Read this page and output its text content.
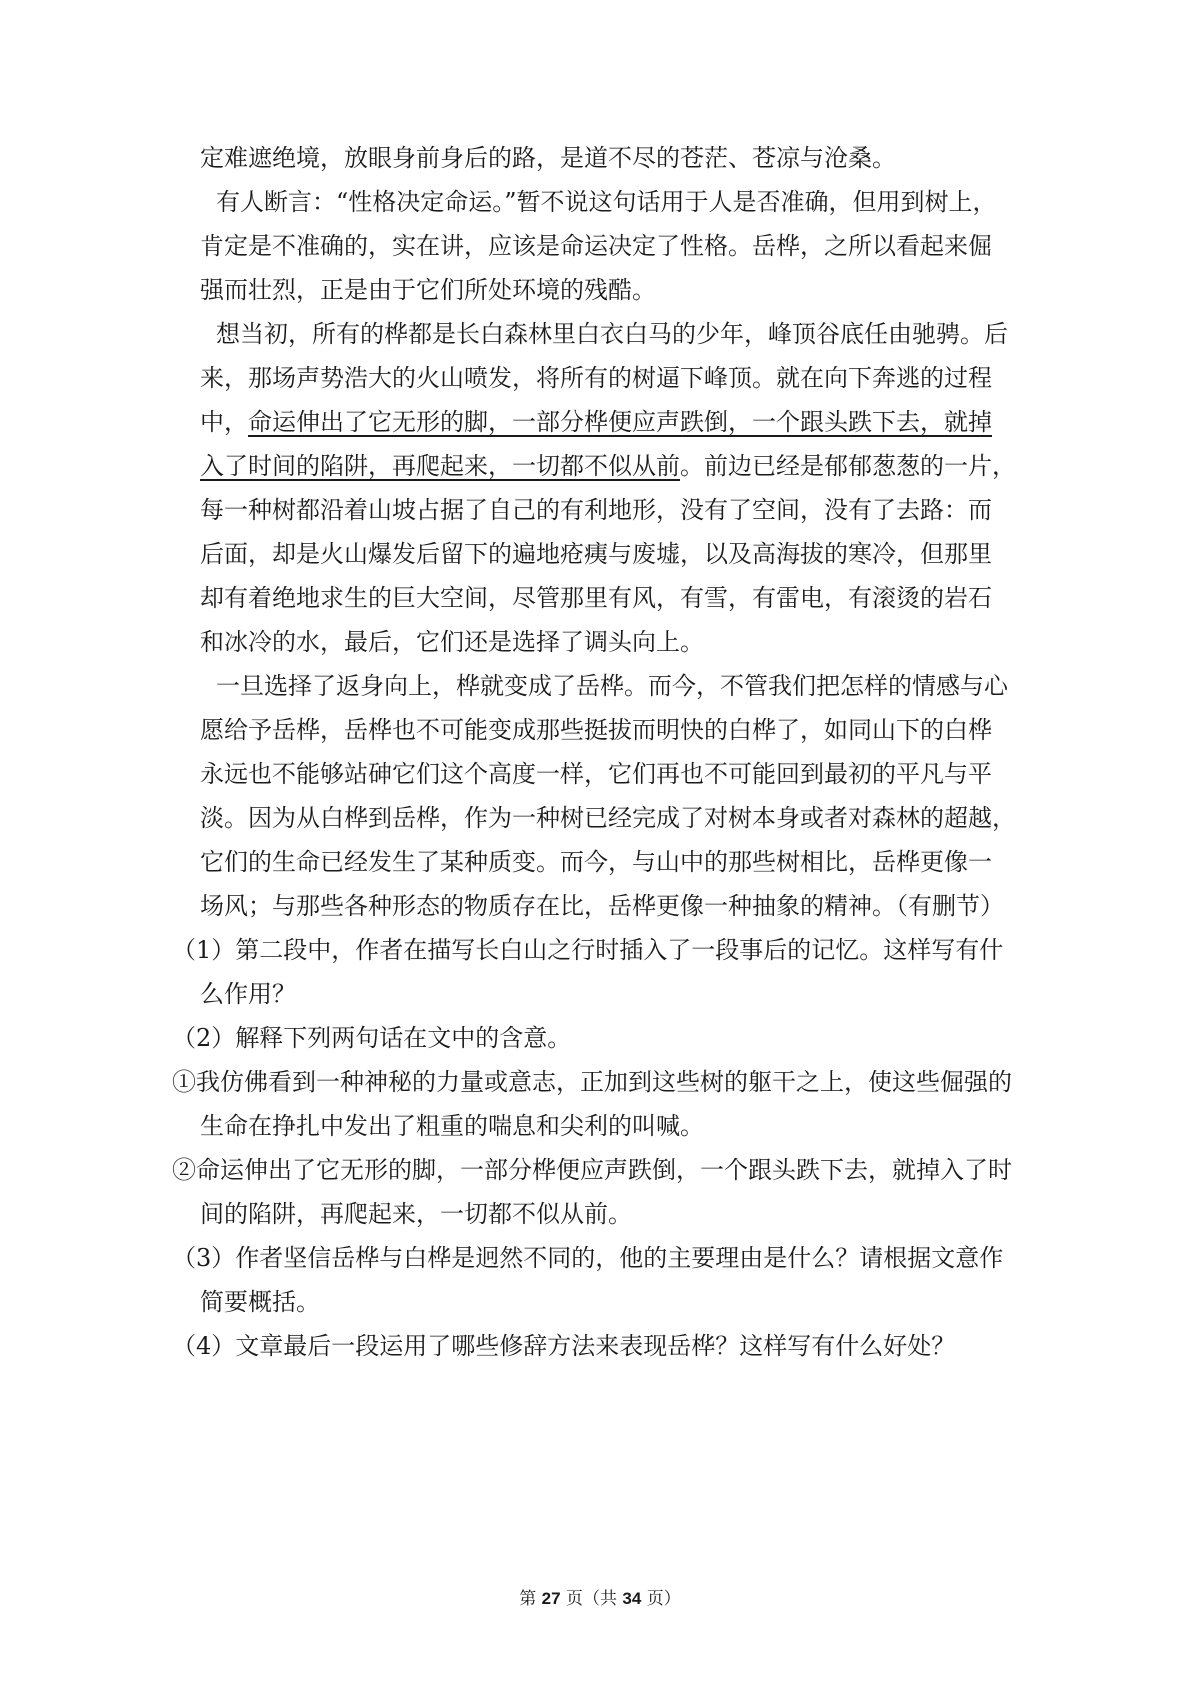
定难遮绝境，放眼身前身后的路，是道不尽的苍茫、苍凉与沧桑。
有人断言：“性格决定命运。”暂不说这句话用于人是否准确，但用到树上，
肯定是不准确的，实在讲，应该是命运决定了性格。岳桦，之所以看起来倔
强而壮烈，正是由于它们所处环境的残酷。
想当初，所有的桦都是长白森林里白衣白马的少年，峰顶谷底任由驰骋。后
来，那场声势浩大的火山喷发，将所有的树逼下峰顶。就在向下奔逃的过程
中，命运伸出了它无形的脚，一部分桦便应声跌倒，一个跟头跌下去，就掉
入了时间的陷阱，再爬起来，一切都不似从前。前边已经是郁郁葱葱的一片，
每一种树都沿着山坡占据了自己的有利地形，没有了空间，没有了去路：而
后面，却是火山爆发后留下的遍地疮痍与废墟，以及高海拔的寒冷，但那里
却有着绝地求生的巨大空间，尽管那里有风，有雪，有雷电，有滚烫的岩石
和冰冷的水，最后，它们还是选择了调头向上。
一旦选择了返身向上，桦就变成了岳桦。而今，不管我们把怎样的情感与心
愿给予岳桦，岳桦也不可能变成那些挺拔而明快的白桦了，如同山下的白桦
永远也不能够站砷它们这个高度一样，它们再也不可能回到最初的平凡与平
淡。因为从白桦到岳桦，作为一种树已经完成了对树本身或者对森林的超越，
它们的生命已经发生了某种质变。而今，与山中的那些树相比，岳桦更像一
场风；与那些各种形态的物质存在比，岳桦更像一种抽象的精神。（有删节）
（1）第二段中，作者在描写长白山之行时插入了一段事后的记忆。这样写有什
么作用？
（2）解释下列两句话在文中的含意。
①我仿佛看到一种神秘的力量或意志，正加到这些树的躯干之上，使这些倔强的
生命在挣扎中发出了粗重的喘息和尖利的叫喊。
②命运伸出了它无形的脚，一部分桦便应声跌倒，一个跟头跌下去，就掉入了时
间的陷阱，再爬起来，一切都不似从前。
（3）作者坚信岳桦与白桦是迥然不同的，他的主要理由是什么？请根据文意作
简要概括。
（4）文章最后一段运用了哪些修辞方法来表现岳桦？这样写有什么好处？
第 27 页（共 34 页）
